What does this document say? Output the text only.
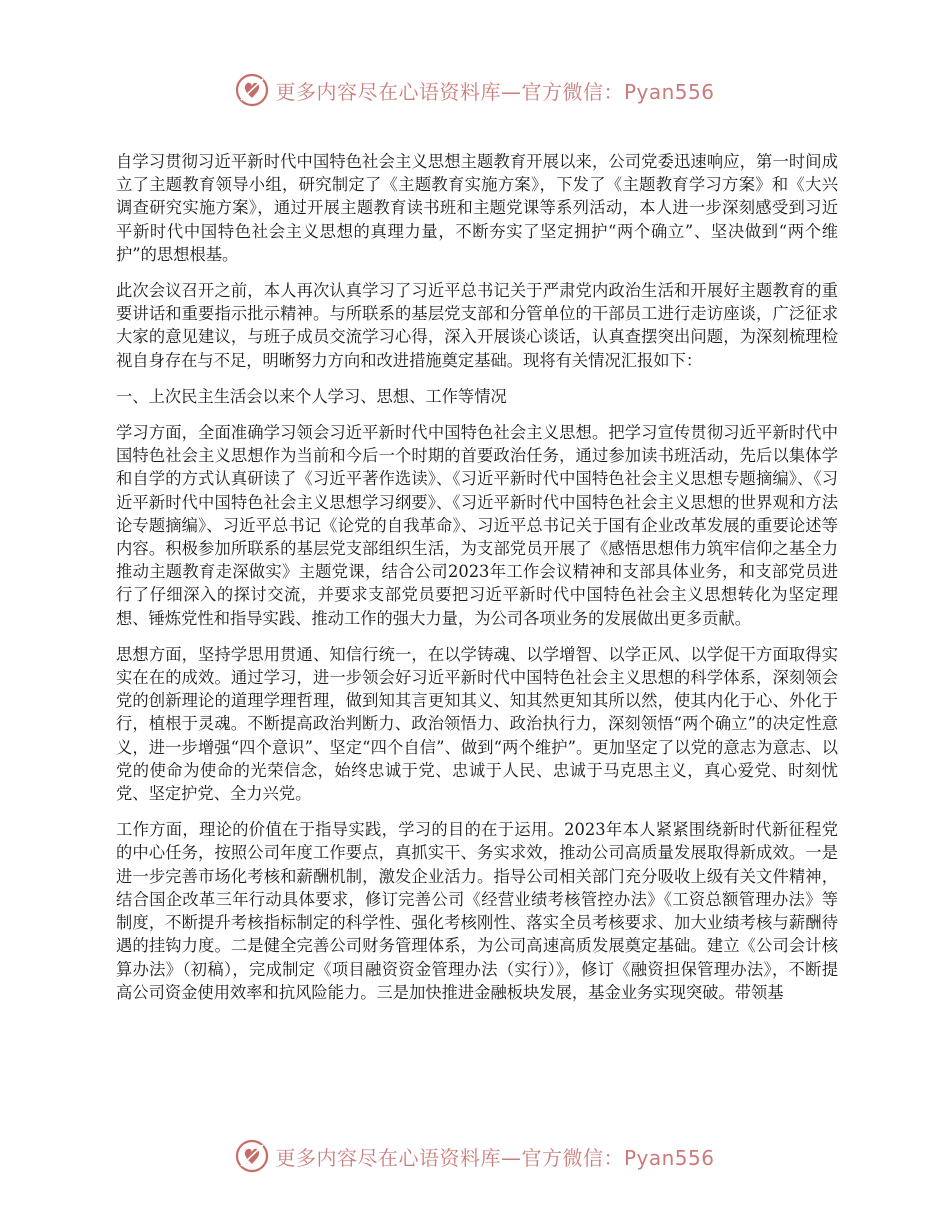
更多内容尽在心语资料库—官方微信：Pyan556

自学习贯彻习近平新时代中国特色社会主义思想主题教育开展以来，公司党委迅速响应，第一时间成立了主题教育领导小组，研究制定了《主题教育实施方案》，下发了《主题教育学习方案》和《大兴调查研究实施方案》，通过开展主题教育读书班和主题党课等系列活动，本人进一步深刻感受到习近平新时代中国特色社会主义思想的真理力量，不断夯实了坚定拥护“两个确立”、坚决做到“两个维护”的思想根基。

此次会议召开之前，本人再次认真学习了习近平总书记关于严肃党内政治生活和开展好主题教育的重要讲话和重要指示批示精神。与所联系的基层党支部和分管单位的干部员工进行走访座谈，广泛征求大家的意见建议，与班子成员交流学习心得，深入开展谈心谈话，认真查摆突出问题，为深刻梳理检视自身存在与不足，明晰努力方向和改进措施奠定基础。现将有关情况汇报如下：

一、上次民主生活会以来个人学习、思想、工作等情况

学习方面，全面准确学习领会习近平新时代中国特色社会主义思想。把学习宣传贯彻习近平新时代中国特色社会主义思想作为当前和今后一个时期的首要政治任务，通过参加读书班活动，先后以集体学和自学的方式认真研读了《习近平著作选读》、《习近平新时代中国特色社会主义思想专题摘编》、《习近平新时代中国特色社会主义思想学习纲要》、《习近平新时代中国特色社会主义思想的世界观和方法论专题摘编》、习近平总书记《论党的自我革命》、习近平总书记关于国有企业改革发展的重要论述等内容。积极参加所联系的基层党支部组织生活，为支部党员开展了《感悟思想伟力筑牢信仰之基全力推动主题教育走深做实》主题党课，结合公司2023年工作会议精神和支部具体业务，和支部党员进行了仔细深入的探讨交流，并要求支部党员要把习近平新时代中国特色社会主义思想转化为坚定理想、锤炼党性和指导实践、推动工作的强大力量，为公司各项业务的发展做出更多贡献。

思想方面，坚持学思用贯通、知信行统一，在以学铸魂、以学增智、以学正风、以学促干方面取得实实在在的成效。通过学习，进一步领会好习近平新时代中国特色社会主义思想的科学体系，深刻领会党的创新理论的道理学理哲理，做到知其言更知其义、知其然更知其所以然，使其内化于心、外化于行，植根于灵魂。不断提高政治判断力、政治领悟力、政治执行力，深刻领悟“两个确立”的决定性意义，进一步增强“四个意识”、坚定“四个自信”、做到“两个维护”。更加坚定了以党的意志为意志、以党的使命为使命的光荣信念，始终忠诚于党、忠诚于人民、忠诚于马克思主义，真心爱党、时刻忧党、坚定护党、全力兴党。

工作方面，理论的价值在于指导实践，学习的目的在于运用。2023年本人紧紧围绕新时代新征程党的中心任务，按照公司年度工作要点，真抓实干、务实求效，推动公司高质量发展取得新成效。一是进一步完善市场化考核和薪酬机制，激发企业活力。指导公司相关部门充分吸收上级有关文件精神，结合国企改革三年行动具体要求，修订完善公司《经营业绩考核管控办法》《工资总额管理办法》等制度，不断提升考核指标制定的科学性、强化考核刚性、落实全员考核要求、加大业绩考核与薪酬待遇的挂钩力度。二是健全完善公司财务管理体系，为公司高速高质发展奠定基础。建立《公司会计核算办法》（初稿），完成制定《项目融资资金管理办法（实行）》，修订《融资担保管理办法》，不断提高公司资金使用效率和抗风险能力。三是加快推进金融板块发展，基金业务实现突破。带领基

更多内容尽在心语资料库—官方微信：Pyan556
